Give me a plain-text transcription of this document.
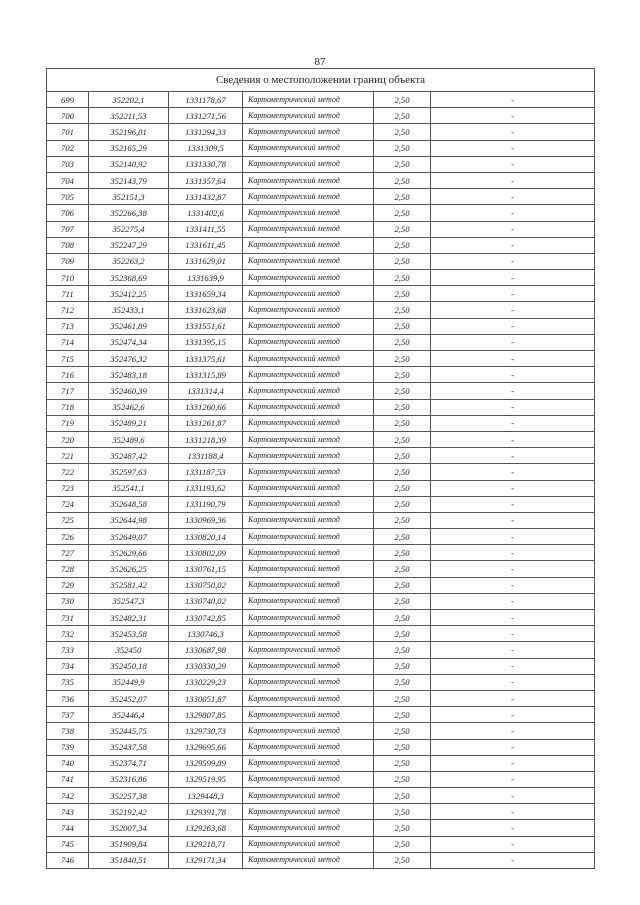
87
Сведения о местоположении границ объекта					
699	352202,1	1331178,67	Картометрический метод	2,50	-
700	352211,53	1331271,56	Картометрический метод	2,50	-
701	352196,01	1331294,33	Картометрический метод	2,50	-
702	352165,29	1331309,5	Картометрический метод	2,50	-
703	352140,92	1331330,78	Картометрический метод	2,50	-
704	352143,79	1331357,64	Картометрический метод	2,50	-
705	352151,3	1331432,87	Картометрический метод	2,50	-
706	352266,38	1331402,6	Картометрический метод	2,50	-
707	352275,4	1331411,55	Картометрический метод	2,50	-
708	352247,29	1331611,45	Картометрический метод	2,50	-
709	352263,2	1331629,01	Картометрический метод	2,50	-
710	352368,69	1331639,9	Картометрический метод	2,50	-
711	352412,25	1331659,34	Картометрический метод	2,50	-
712	352433,1	1331623,68	Картометрический метод	2,50	-
713	352461,89	1331551,61	Картометрический метод	2,50	-
714	352474,34	1331395,15	Картометрический метод	2,50	-
715	352476,32	1331375,61	Картометрический метод	2,50	-
716	352483,18	1331315,89	Картометрический метод	2,50	-
717	352460,39	1331314,4	Картометрический метод	2,50	-
718	352462,6	1331260,66	Картометрический метод	2,50	-
719	352489,21	1331261,87	Картометрический метод	2,50	-
720	352489,6	1331218,39	Картометрический метод	2,50	-
721	352487,42	1331188,4	Картометрический метод	2,50	-
722	352597,63	1331187,53	Картометрический метод	2,50	-
723	352541,1	1331193,62	Картометрический метод	2,50	-
724	352648,58	1331190,79	Картометрический метод	2,50	-
725	352644,98	1330969,36	Картометрический метод	2,50	-
726	352649,07	1330820,14	Картометрический метод	2,50	-
727	352629,66	1330802,09	Картометрический метод	2,50	-
728	352626,25	1330761,15	Картометрический метод	2,50	-
729	352581,42	1330750,02	Картометрический метод	2,50	-
730	352547,3	1330740,02	Картометрический метод	2,50	-
731	352482,31	1330742,85	Картометрический метод	2,50	-
732	352453,58	1330746,3	Картометрический метод	2,50	-
733	352450	1330687,98	Картометрический метод	2,50	-
734	352450,18	1330330,29	Картометрический метод	2,50	-
735	352449,9	1330229,23	Картометрический метод	2,50	-
736	352452,07	1330051,87	Картометрический метод	2,50	-
737	352446,4	1329807,85	Картометрический метод	2,50	-
738	352445,75	1329730,73	Картометрический метод	2,50	-
739	352437,58	1329695,66	Картометрический метод	2,50	-
740	352374,71	1329599,89	Картометрический метод	2,50	-
741	352316,86	1329519,95	Картометрический метод	2,50	-
742	352257,38	1329448,3	Картометрический метод	2,50	-
743	352192,42	1329391,78	Картометрический метод	2,50	-
744	352007,34	1329263,68	Картометрический метод	2,50	-
745	351909,84	1329218,71	Картометрический метод	2,50	-
746	351840,51	1329171,34	Картометрический метод	2,50	-
